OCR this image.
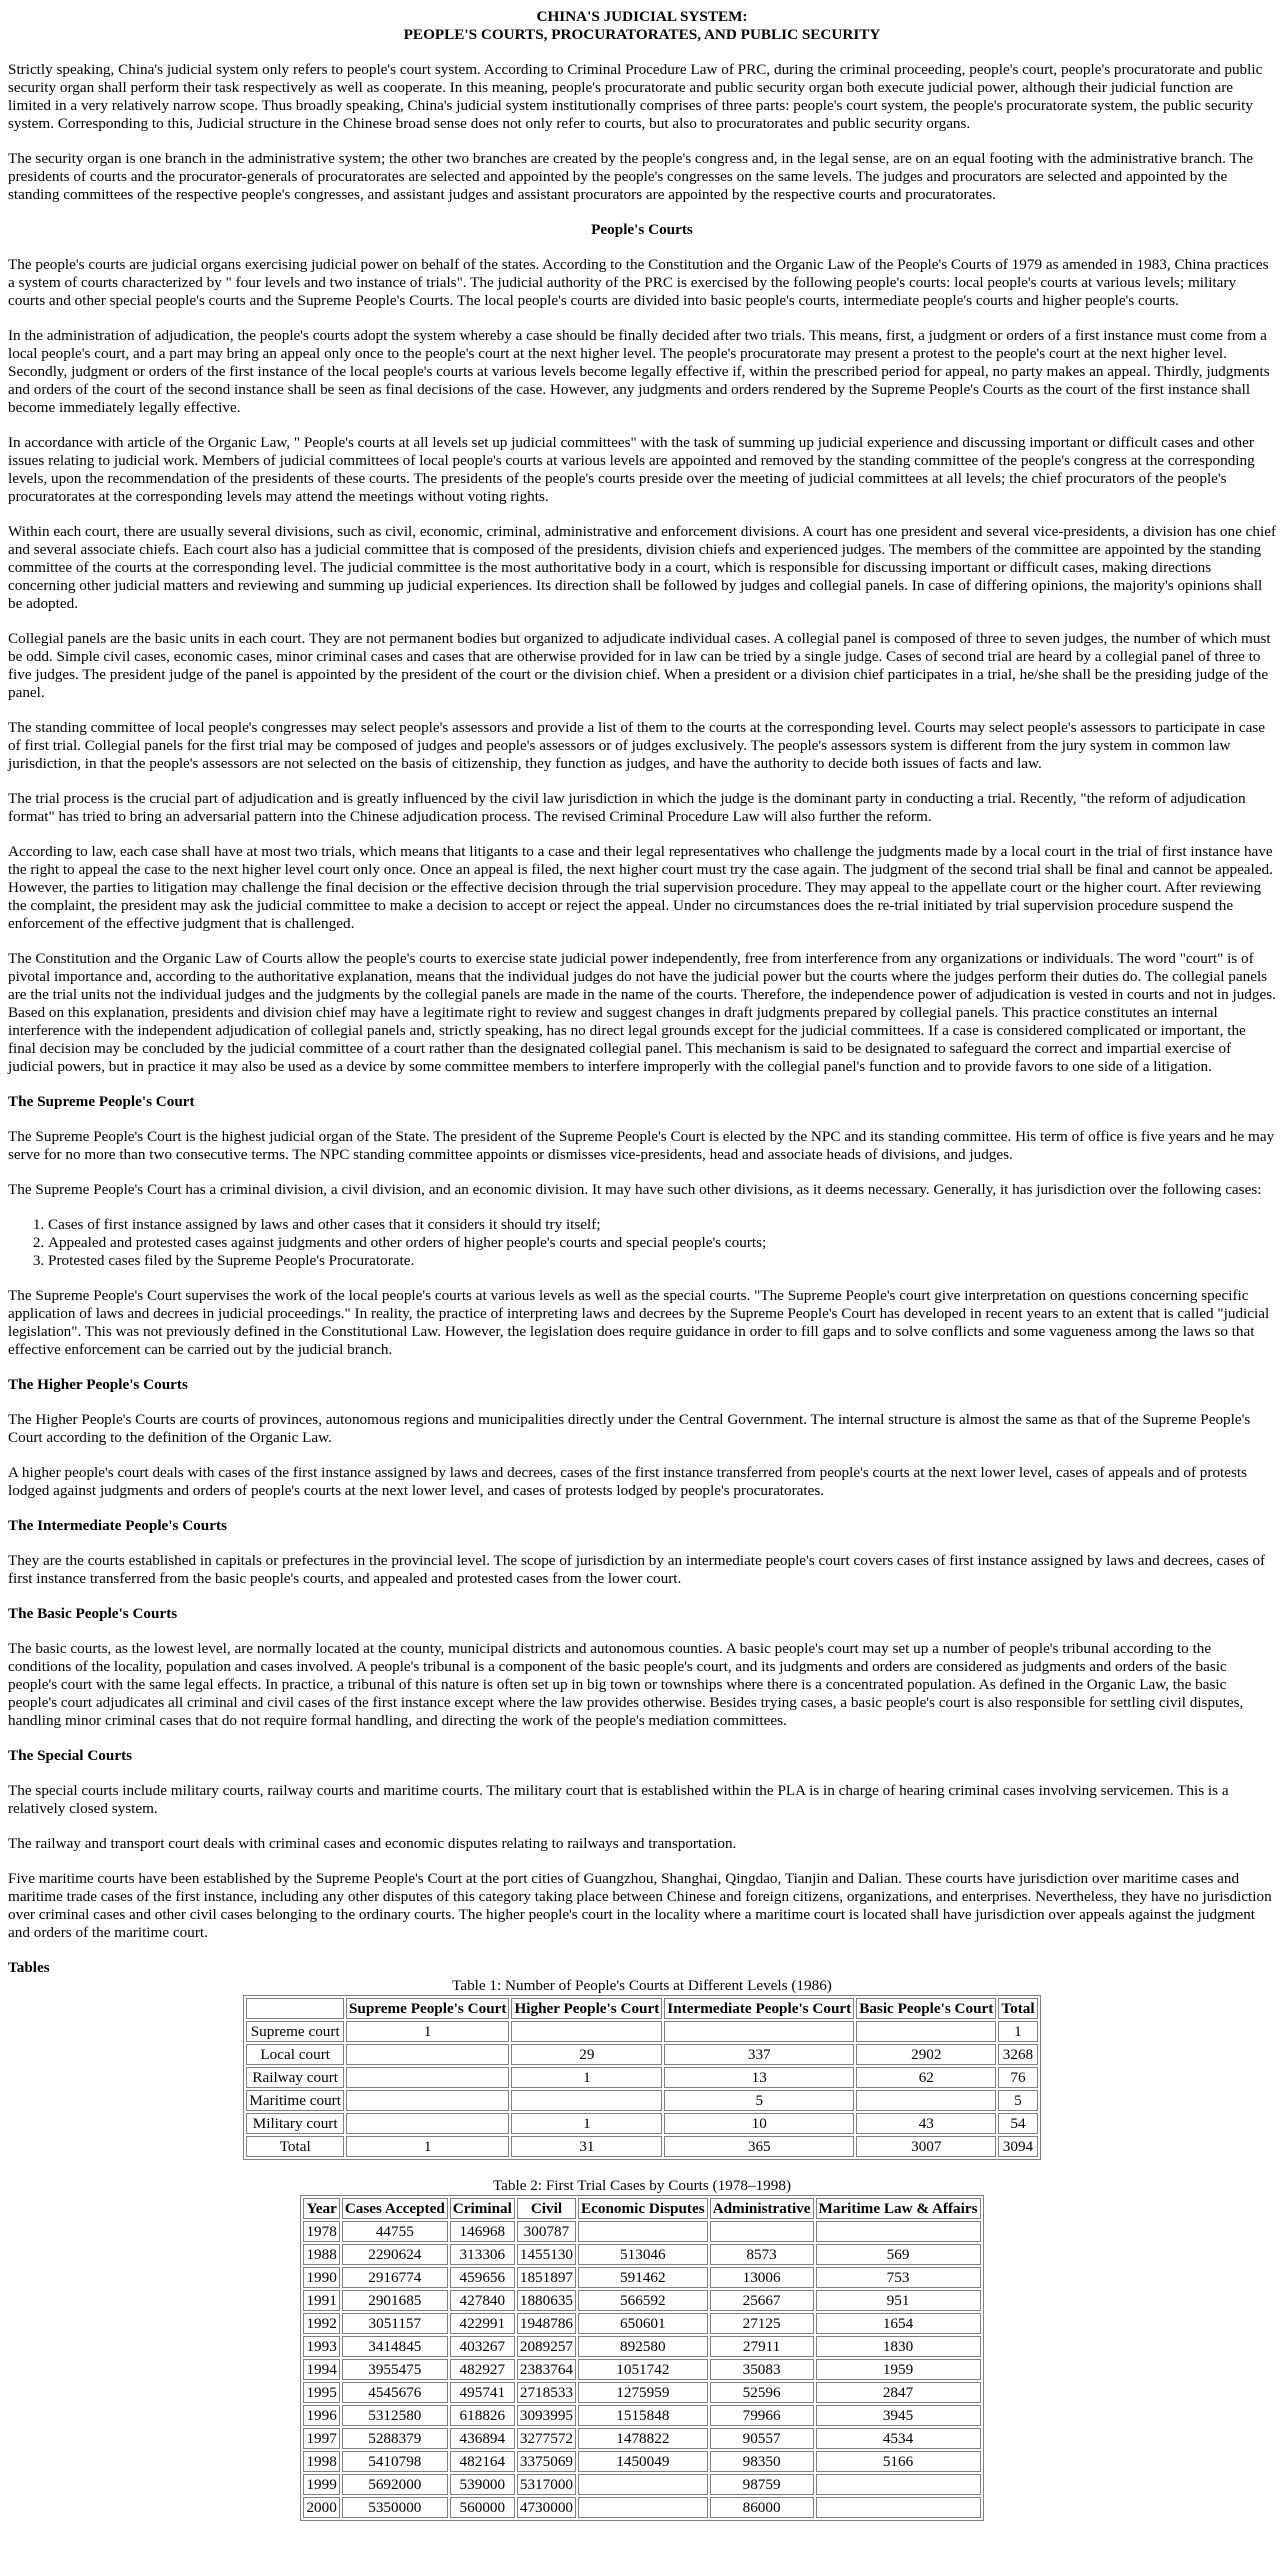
CHINA'S JUDICIAL SYSTEM:
PEOPLE'S COURTS, PROCURATORATES, AND PUBLIC SECURITY

Strictly speaking, China's judicial system only refers to people's court system. According to Criminal Procedure Law of PRC, during the criminal proceeding, people's court, people's procuratorate and public security organ shall perform their task respectively as well as cooperate. In this meaning, people's procuratorate and public security organ both execute judicial power, although their judicial function are limited in a very relatively narrow scope. Thus broadly speaking, China's judicial system institutionally comprises of three parts: people's court system, the people's procuratorate system, the public security system. Corresponding to this, Judicial structure in the Chinese broad sense does not only refer to courts, but also to procuratorates and public security organs.

The security organ is one branch in the administrative system; the other two branches are created by the people's congress and, in the legal sense, are on an equal footing with the administrative branch. The presidents of courts and the procurator-generals of procuratorates are selected and appointed by the people's congresses on the same levels. The judges and procurators are selected and appointed by the standing committees of the respective people's congresses, and assistant judges and assistant procurators are appointed by the respective courts and procuratorates.

People's Courts

The people's courts are judicial organs exercising judicial power on behalf of the states. According to the Constitution and the Organic Law of the People's Courts of 1979 as amended in 1983, China practices a system of courts characterized by " four levels and two instance of trials". The judicial authority of the PRC is exercised by the following people's courts: local people's courts at various levels; military courts and other special people's courts and the Supreme People's Courts. The local people's courts are divided into basic people's courts, intermediate people's courts and higher people's courts.

In the administration of adjudication, the people's courts adopt the system whereby a case should be finally decided after two trials. This means, first, a judgment or orders of a first instance must come from a local people's court, and a part may bring an appeal only once to the people's court at the next higher level. The people's procuratorate may present a protest to the people's court at the next higher level. Secondly, judgment or orders of the first instance of the local people's courts at various levels become legally effective if, within the prescribed period for appeal, no party makes an appeal. Thirdly, judgments and orders of the court of the second instance shall be seen as final decisions of the case. However, any judgments and orders rendered by the Supreme People's Courts as the court of the first instance shall become immediately legally effective.

In accordance with article of the Organic Law, " People's courts at all levels set up judicial committees" with the task of summing up judicial experience and discussing important or difficult cases and other issues relating to judicial work. Members of judicial committees of local people's courts at various levels are appointed and removed by the standing committee of the people's congress at the corresponding levels, upon the recommendation of the presidents of these courts. The presidents of the people's courts preside over the meeting of judicial committees at all levels; the chief procurators of the people's procuratorates at the corresponding levels may attend the meetings without voting rights.

Within each court, there are usually several divisions, such as civil, economic, criminal, administrative and enforcement divisions. A court has one president and several vice-presidents, a division has one chief and several associate chiefs. Each court also has a judicial committee that is composed of the presidents, division chiefs and experienced judges. The members of the committee are appointed by the standing committee of the courts at the corresponding level. The judicial committee is the most authoritative body in a court, which is responsible for discussing important or difficult cases, making directions concerning other judicial matters and reviewing and summing up judicial experiences. Its direction shall be followed by judges and collegial panels. In case of differing opinions, the majority's opinions shall be adopted.

Collegial panels are the basic units in each court. They are not permanent bodies but organized to adjudicate individual cases. A collegial panel is composed of three to seven judges, the number of which must be odd. Simple civil cases, economic cases, minor criminal cases and cases that are otherwise provided for in law can be tried by a single judge. Cases of second trial are heard by a collegial panel of three to five judges. The president judge of the panel is appointed by the president of the court or the division chief. When a president or a division chief participates in a trial, he/she shall be the presiding judge of the panel.

The standing committee of local people's congresses may select people's assessors and provide a list of them to the courts at the corresponding level. Courts may select people's assessors to participate in case of first trial. Collegial panels for the first trial may be composed of judges and people's assessors or of judges exclusively. The people's assessors system is different from the jury system in common law jurisdiction, in that the people's assessors are not selected on the basis of citizenship, they function as judges, and have the authority to decide both issues of facts and law.

The trial process is the crucial part of adjudication and is greatly influenced by the civil law jurisdiction in which the judge is the dominant party in conducting a trial. Recently, "the reform of adjudication format" has tried to bring an adversarial pattern into the Chinese adjudication process. The revised Criminal Procedure Law will also further the reform.

According to law, each case shall have at most two trials, which means that litigants to a case and their legal representatives who challenge the judgments made by a local court in the trial of first instance have the right to appeal the case to the next higher level court only once. Once an appeal is filed, the next higher court must try the case again. The judgment of the second trial shall be final and cannot be appealed. However, the parties to litigation may challenge the final decision or the effective decision through the trial supervision procedure. They may appeal to the appellate court or the higher court. After reviewing the complaint, the president may ask the judicial committee to make a decision to accept or reject the appeal. Under no circumstances does the re-trial initiated by trial supervision procedure suspend the enforcement of the effective judgment that is challenged.

The Constitution and the Organic Law of Courts allow the people's courts to exercise state judicial power independently, free from interference from any organizations or individuals. The word "court" is of pivotal importance and, according to the authoritative explanation, means that the individual judges do not have the judicial power but the courts where the judges perform their duties do. The collegial panels are the trial units not the individual judges and the judgments by the collegial panels are made in the name of the courts. Therefore, the independence power of adjudication is vested in courts and not in judges. Based on this explanation, presidents and division chief may have a legitimate right to review and suggest changes in draft judgments prepared by collegial panels. This practice constitutes an internal interference with the independent adjudication of collegial panels and, strictly speaking, has no direct legal grounds except for the judicial committees. If a case is considered complicated or important, the final decision may be concluded by the judicial committee of a court rather than the designated collegial panel. This mechanism is said to be designated to safeguard the correct and impartial exercise of judicial powers, but in practice it may also be used as a device by some committee members to interfere improperly with the collegial panel's function and to provide favors to one side of a litigation.

The Supreme People's Court

The Supreme People's Court is the highest judicial organ of the State. The president of the Supreme People's Court is elected by the NPC and its standing committee. His term of office is five years and he may serve for no more than two consecutive terms. The NPC standing committee appoints or dismisses vice-presidents, head and associate heads of divisions, and judges.

The Supreme People's Court has a criminal division, a civil division, and an economic division. It may have such other divisions, as it deems necessary. Generally, it has jurisdiction over the following cases:

1. Cases of first instance assigned by laws and other cases that it considers it should try itself;
2. Appealed and protested cases against judgments and other orders of higher people's courts and special people's courts;
3. Protested cases filed by the Supreme People's Procuratorate.

The Supreme People's Court supervises the work of the local people's courts at various levels as well as the special courts. "The Supreme People's court give interpretation on questions concerning specific application of laws and decrees in judicial proceedings." In reality, the practice of interpreting laws and decrees by the Supreme People's Court has developed in recent years to an extent that is called "judicial legislation". This was not previously defined in the Constitutional Law. However, the legislation does require guidance in order to fill gaps and to solve conflicts and some vagueness among the laws so that effective enforcement can be carried out by the judicial branch.

The Higher People's Courts

The Higher People's Courts are courts of provinces, autonomous regions and municipalities directly under the Central Government. The internal structure is almost the same as that of the Supreme People's Court according to the definition of the Organic Law.

A higher people's court deals with cases of the first instance assigned by laws and decrees, cases of the first instance transferred from people's courts at the next lower level, cases of appeals and of protests lodged against judgments and orders of people's courts at the next lower level, and cases of protests lodged by people's procuratorates.

The Intermediate People's Courts

They are the courts established in capitals or prefectures in the provincial level. The scope of jurisdiction by an intermediate people's court covers cases of first instance assigned by laws and decrees, cases of first instance transferred from the basic people's courts, and appealed and protested cases from the lower court.

The Basic People's Courts

The basic courts, as the lowest level, are normally located at the county, municipal districts and autonomous counties. A basic people's court may set up a number of people's tribunal according to the conditions of the locality, population and cases involved. A people's tribunal is a component of the basic people's court, and its judgments and orders are considered as judgments and orders of the basic people's court with the same legal effects. In practice, a tribunal of this nature is often set up in big town or townships where there is a concentrated population. As defined in the Organic Law, the basic people's court adjudicates all criminal and civil cases of the first instance except where the law provides otherwise. Besides trying cases, a basic people's court is also responsible for settling civil disputes, handling minor criminal cases that do not require formal handling, and directing the work of the people's mediation committees.

The Special Courts

The special courts include military courts, railway courts and maritime courts. The military court that is established within the PLA is in charge of hearing criminal cases involving servicemen. This is a relatively closed system.

The railway and transport court deals with criminal cases and economic disputes relating to railways and transportation.

Five maritime courts have been established by the Supreme People's Court at the port cities of Guangzhou, Shanghai, Qingdao, Tianjin and Dalian. These courts have jurisdiction over maritime cases and maritime trade cases of the first instance, including any other disputes of this category taking place between Chinese and foreign citizens, organizations, and enterprises. Nevertheless, they have no jurisdiction over criminal cases and other civil cases belonging to the ordinary courts. The higher people's court in the locality where a maritime court is located shall have jurisdiction over appeals against the judgment and orders of the maritime court.

Tables
Table 1: Number of People's Courts at Different Levels (1986)
	Supreme People's Court	Higher People's Court	Intermediate People's Court	Basic People's Court	Total
Supreme court	1				1
Local court		29	337	2902	3268
Railway court		1	13	62	76
Maritime court			5		5
Military court		1	10	43	54
Total	1	31	365	3007	3094
Table 2: First Trial Cases by Courts (1978–1998)
Year	Cases Accepted	Criminal	Civil	Economic Disputes	Administrative	Maritime Law & Affairs
1978	44755	146968	300787			
1988	2290624	313306	1455130	513046	8573	569
1990	2916774	459656	1851897	591462	13006	753
1991	2901685	427840	1880635	566592	25667	951
1992	3051157	422991	1948786	650601	27125	1654
1993	3414845	403267	2089257	892580	27911	1830
1994	3955475	482927	2383764	1051742	35083	1959
1995	4545676	495741	2718533	1275959	52596	2847
1996	5312580	618826	3093995	1515848	79966	3945
1997	5288379	436894	3277572	1478822	90557	4534
1998	5410798	482164	3375069	1450049	98350	5166
1999	5692000	539000	5317000		98759	
2000	5350000	560000	4730000		86000	
